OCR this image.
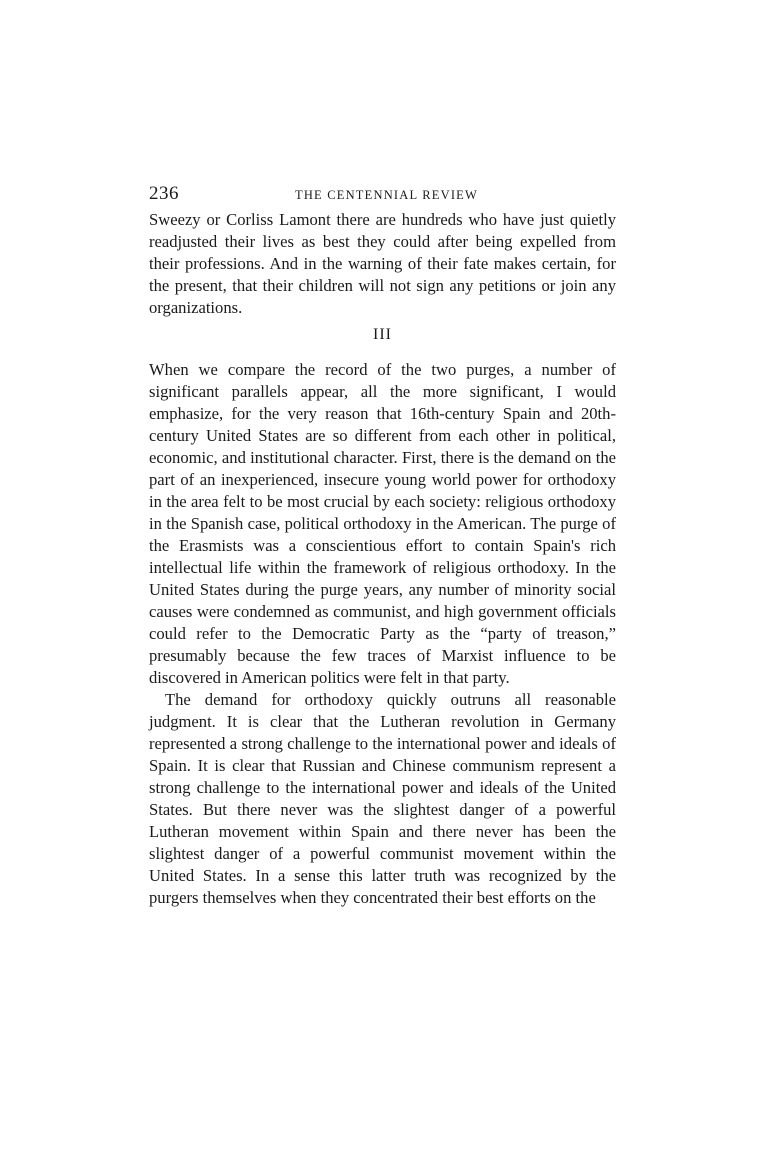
236	THE CENTENNIAL REVIEW

Sweezy or Corliss Lamont there are hundreds who have just quietly readjusted their lives as best they could after being expelled from their professions. And in the warning of their fate makes certain, for the present, that their children will not sign any petitions or join any organizations.

III

When we compare the record of the two purges, a number of significant parallels appear, all the more significant, I would emphasize, for the very reason that 16th-century Spain and 20th-century United States are so different from each other in political, economic, and institutional character. First, there is the demand on the part of an inexperienced, insecure young world power for orthodoxy in the area felt to be most crucial by each society: religious orthodoxy in the Spanish case, political orthodoxy in the American. The purge of the Erasmists was a conscientious effort to contain Spain's rich intellectual life within the framework of religious orthodoxy. In the United States during the purge years, any number of minority social causes were condemned as communist, and high government officials could refer to the Democratic Party as the “party of treason,” presumably because the few traces of Marxist influence to be discovered in American politics were felt in that party.

The demand for orthodoxy quickly outruns all reasonable judgment. It is clear that the Lutheran revolution in Germany represented a strong challenge to the international power and ideals of Spain. It is clear that Russian and Chinese communism represent a strong challenge to the international power and ideals of the United States. But there never was the slightest danger of a powerful Lutheran movement within Spain and there never has been the slightest danger of a powerful communist movement within the United States. In a sense this latter truth was recognized by the purgers themselves when they concentrated their best efforts on the
